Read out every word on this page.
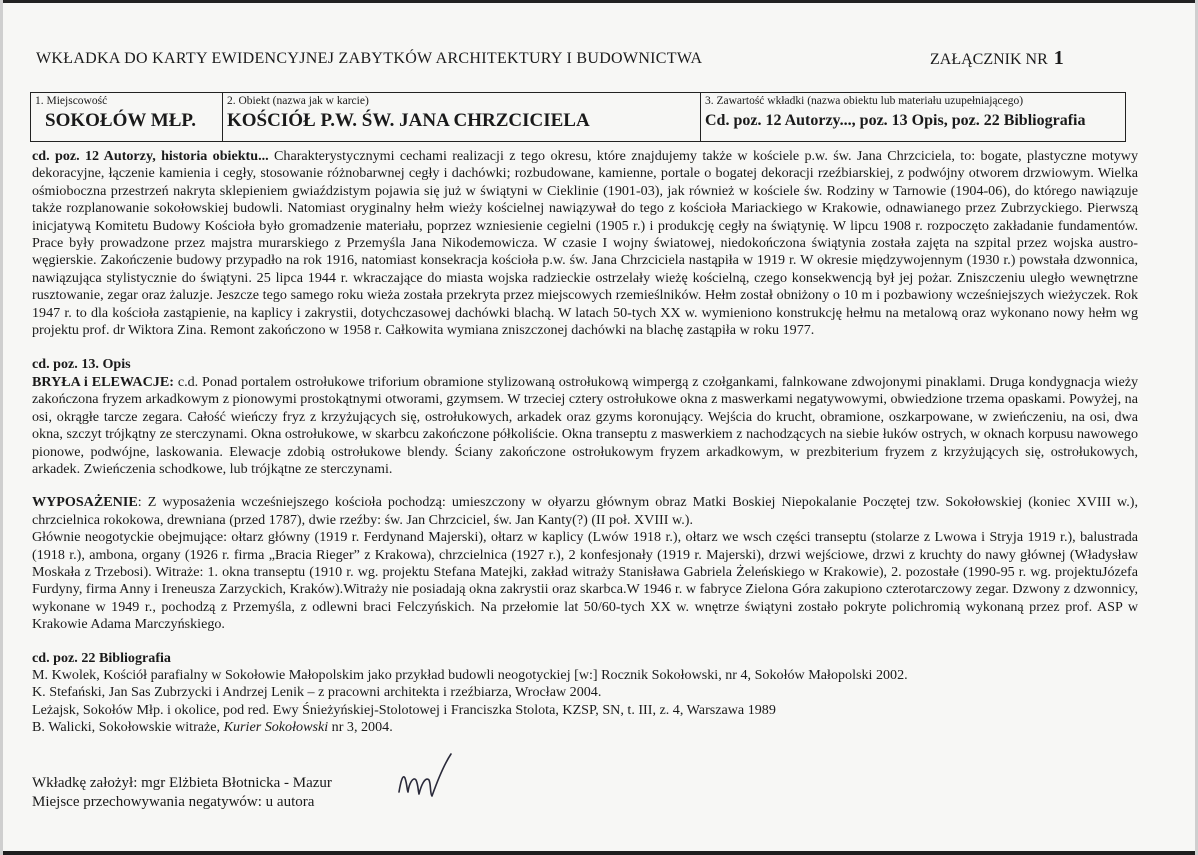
WKŁADKA DO KARTY EWIDENCYJNEJ ZABYTKÓW ARCHITEKTURY I BUDOWNICTWA	ZAŁĄCZNIK NR 1
1. Miejscowość
SOKOŁÓW MŁP.
2. Obiekt (nazwa jak w karcie)
KOŚCIÓŁ P.W. ŚW. JANA CHRZCICIELA
3. Zawartość wkładki (nazwa obiektu lub materiału uzupełniającego)
Cd. poz. 12 Autorzy..., poz. 13 Opis, poz. 22 Bibliografia

cd. poz. 12 Autorzy, historia obiektu... Charakterystycznymi cechami realizacji z tego okresu, które znajdujemy także w kościele p.w. św. Jana Chrzciciela, to: bogate, plastyczne motywy dekoracyjne, łączenie kamienia i cegły, stosowanie różnobarwnej cegły i dachówki; rozbudowane, kamienne, portale o bogatej dekoracji rzeźbiarskiej, z podwójny otworem drzwiowym. Wielka ośmioboczna przestrzeń nakryta sklepieniem gwiaździstym pojawia się już w świątyni w Cieklinie (1901-03), jak również w kościele św. Rodziny w Tarnowie (1904-06), do którego nawiązuje także rozplanowanie sokołowskiej budowli. Natomiast oryginalny hełm wieży kościelnej nawiązywał do tego z kościoła Mariackiego w Krakowie, odnawianego przez Zubrzyckiego. Pierwszą inicjatywą Komitetu Budowy Kościoła było gromadzenie materiału, poprzez wzniesienie cegielni (1905 r.) i produkcję cegły na świątynię. W lipcu 1908 r. rozpoczęto zakładanie fundamentów. Prace były prowadzone przez majstra murarskiego z Przemyśla Jana Nikodemowicza. W czasie I wojny światowej, niedokończona świątynia została zajęta na szpital przez wojska austro-węgierskie. Zakończenie budowy przypadło na rok 1916, natomiast konsekracja kościoła p.w. św. Jana Chrzciciela nastąpiła w 1919 r. W okresie międzywojennym (1930 r.) powstała dzwonnica, nawiązująca stylistycznie do świątyni. 25 lipca 1944 r. wkraczające do miasta wojska radzieckie ostrzelały wieżę kościelną, czego konsekwencją był jej pożar. Zniszczeniu uległo wewnętrzne rusztowanie, zegar oraz żaluzje. Jeszcze tego samego roku wieża została przekryta przez miejscowych rzemieślników. Hełm został obniżony o 10 m i pozbawiony wcześniejszych wieżyczek. Rok 1947 r. to dla kościoła zastąpienie, na kaplicy i zakrystii, dotychczasowej dachówki blachą. W latach 50-tych XX w. wymieniono konstrukcję hełmu na metalową oraz wykonano nowy hełm wg projektu prof. dr Wiktora Zina. Remont zakończono w 1958 r. Całkowita wymiana zniszczonej dachówki na blachę zastąpiła w roku 1977.

cd. poz. 13. Opis

BRYŁA i ELEWACJE: c.d. Ponad portalem ostrołukowe triforium obramione stylizowaną ostrołukową wimpergą z czołgankami, falnkowane zdwojonymi pinaklami. Druga kondygnacja wieży zakończona fryzem arkadkowym z pionowymi prostokątnymi otworami, gzymsem. W trzeciej cztery ostrołukowe okna z maswerkami negatywowymi, obwiedzione trzema opaskami. Powyżej, na osi, okrągłe tarcze zegara. Całość wieńczy fryz z krzyżujących się, ostrołukowych, arkadek oraz gzyms koronujący. Wejścia do krucht, obramione, oszkarpowane, w zwieńczeniu, na osi, dwa okna, szczyt trójkątny ze sterczynami. Okna ostrołukowe, w skarbcu zakończone półkoliście. Okna transeptu z maswerkiem z nachodzących na siebie łuków ostrych, w oknach korpusu nawowego pionowe, podwójne, laskowania. Elewacje zdobią ostrołukowe blendy. Ściany zakończone ostrołukowym fryzem arkadkowym, w prezbiterium fryzem z krzyżujących się, ostrołukowych, arkadek. Zwieńczenia schodkowe, lub trójkątne ze sterczynami.

WYPOSAŻENIE: Z wyposażenia wcześniejszego kościoła pochodzą: umieszczony w ołyarzu głównym obraz Matki Boskiej Niepokalanie Poczętej tzw. Sokołowskiej (koniec XVIII w.), chrzcielnica rokokowa, drewniana (przed 1787), dwie rzeźby: św. Jan Chrzciciel, św. Jan Kanty(?) (II poł. XVIII w.).

Głównie neogotyckie obejmujące: ołtarz główny (1919 r. Ferdynand Majerski), ołtarz w kaplicy (Lwów 1918 r.), ołtarz we wsch części transeptu (stolarze z Lwowa i Stryja 1919 r.), balustrada (1918 r.), ambona, organy (1926 r. firma „Bracia Rieger” z Krakowa), chrzcielnica (1927 r.), 2 konfesjonały (1919 r. Majerski), drzwi wejściowe, drzwi z kruchty do nawy głównej (Władysław Moskała z Trzebosi). Witraże: 1. okna transeptu (1910 r. wg. projektu Stefana Matejki, zakład witraży Stanisława Gabriela Żeleńskiego w Krakowie), 2. pozostałe (1990-95 r. wg. projektuJózefa Furdyny, firma Anny i Ireneusza Zarzyckich, Kraków).Witraży nie posiadają okna zakrystii oraz skarbca.W 1946 r. w fabryce Zielona Góra zakupiono czterotarczowy zegar. Dzwony z dzwonnicy, wykonane w 1949 r., pochodzą z Przemyśla, z odlewni braci Felczyńskich. Na przełomie lat 50/60-tych XX w. wnętrze świątyni zostało pokryte polichromią wykonaną przez prof. ASP w Krakowie Adama Marczyńskiego.

cd. poz. 22 Bibliografia

M. Kwolek, Kościół parafialny w Sokołowie Małopolskim jako przykład budowli neogotyckiej [w:] Rocznik Sokołowski, nr 4, Sokołów Małopolski 2002.

K. Stefański, Jan Sas Zubrzycki i Andrzej Lenik – z pracowni architekta i rzeźbiarza, Wrocław 2004.

Leżajsk, Sokołów Młp. i okolice, pod red. Ewy Śnieżyńskiej-Stolotowej i Franciszka Stolota, KZSP, SN, t. III, z. 4, Warszawa 1989

B. Walicki, Sokołowskie witraże, Kurier Sokołowski nr 3, 2004.

Wkładkę założył: mgr Elżbieta Błotnicka - Mazur
Miejsce przechowywania negatywów: u autora
